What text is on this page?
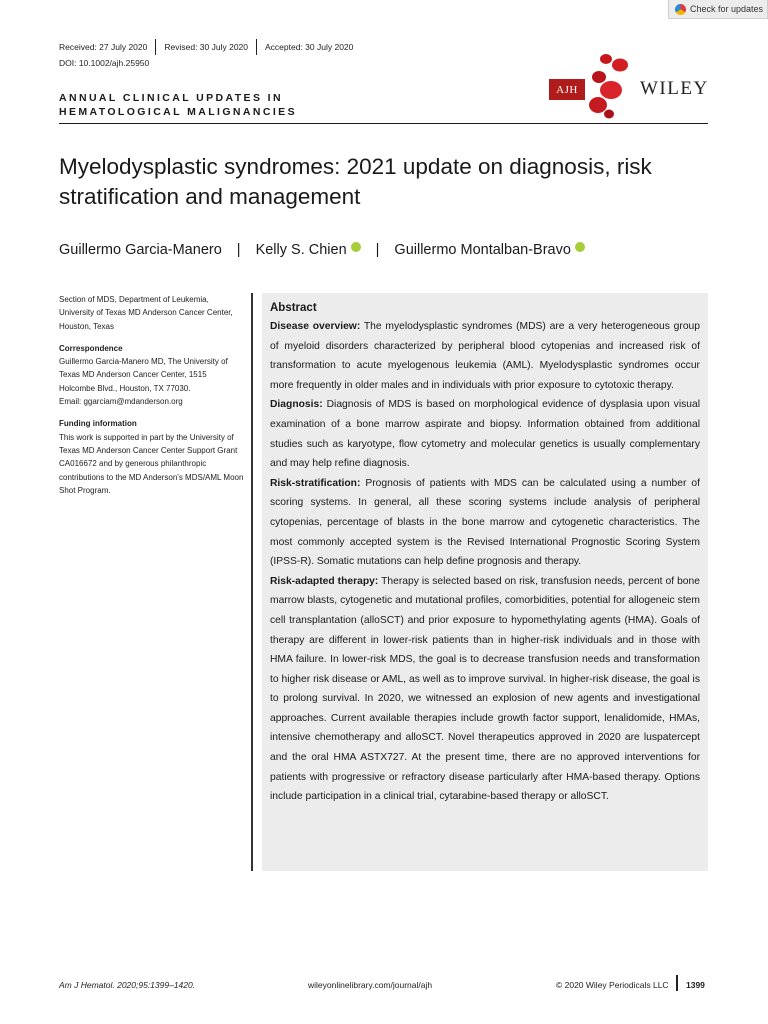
Check for updates
Received: 27 July 2020 Revised: 30 July 2020 Accepted: 30 July 2020
DOI: 10.1002/ajh.25950
ANNUAL CLINICAL UPDATES IN
HEMATOLOGICAL MALIGNANCIES
AJH	WILEY
Myelodysplastic syndromes: 2021 update on diagnosis, risk
stratification and management
Guillermo Garcia-Manero | Kelly S. Chien | Guillermo Montalban-Bravo
Section of MDS, Department of Leukemia, University of Texas MD Anderson Cancer Center, Houston, Texas
Correspondence
Guillermo Garcia-Manero MD, The University of Texas MD Anderson Cancer Center, 1515 Holcombe Blvd., Houston, TX 77030.
Email: ggarciam@mdanderson.org
Funding information
This work is supported in part by the University of Texas MD Anderson Cancer Center Support Grant CA016672 and by generous philanthropic contributions to the MD Anderson's MDS/AML Moon Shot Program.
Abstract

Disease overview: The myelodysplastic syndromes (MDS) are a very heterogeneous group of myeloid disorders characterized by peripheral blood cytopenias and increased risk of transformation to acute myelogenous leukemia (AML). Myelodysplastic syndromes occur more frequently in older males and in individuals with prior exposure to cytotoxic therapy.

Diagnosis: Diagnosis of MDS is based on morphological evidence of dysplasia upon visual examination of a bone marrow aspirate and biopsy. Information obtained from additional studies such as karyotype, flow cytometry and molecular genetics is usually complementary and may help refine diagnosis.

Risk-stratification: Prognosis of patients with MDS can be calculated using a number of scoring systems. In general, all these scoring systems include analysis of peripheral cytopenias, percentage of blasts in the bone marrow and cytogenetic characteristics. The most commonly accepted system is the Revised International Prognostic Scoring System (IPSS-R). Somatic mutations can help define prognosis and therapy.

Risk-adapted therapy: Therapy is selected based on risk, transfusion needs, percent of bone marrow blasts, cytogenetic and mutational profiles, comorbidities, potential for allogeneic stem cell transplantation (alloSCT) and prior exposure to hypomethylating agents (HMA). Goals of therapy are different in lower-risk patients than in higher-risk individuals and in those with HMA failure. In lower-risk MDS, the goal is to decrease transfusion needs and transformation to higher risk disease or AML, as well as to improve survival. In higher-risk disease, the goal is to prolong survival. In 2020, we witnessed an explosion of new agents and investigational approaches. Current available therapies include growth factor support, lenalidomide, HMAs, intensive chemotherapy and alloSCT. Novel therapeutics approved in 2020 are luspatercept and the oral HMA ASTX727. At the present time, there are no approved interventions for patients with progressive or refractory disease particularly after HMA-based therapy. Options include participation in a clinical trial, cytarabine-based therapy or alloSCT.

Am J Hematol. 2020;95:1399–1420.	wileyonlinelibrary.com/journal/ajh	© 2020 Wiley Periodicals LLC 1399
